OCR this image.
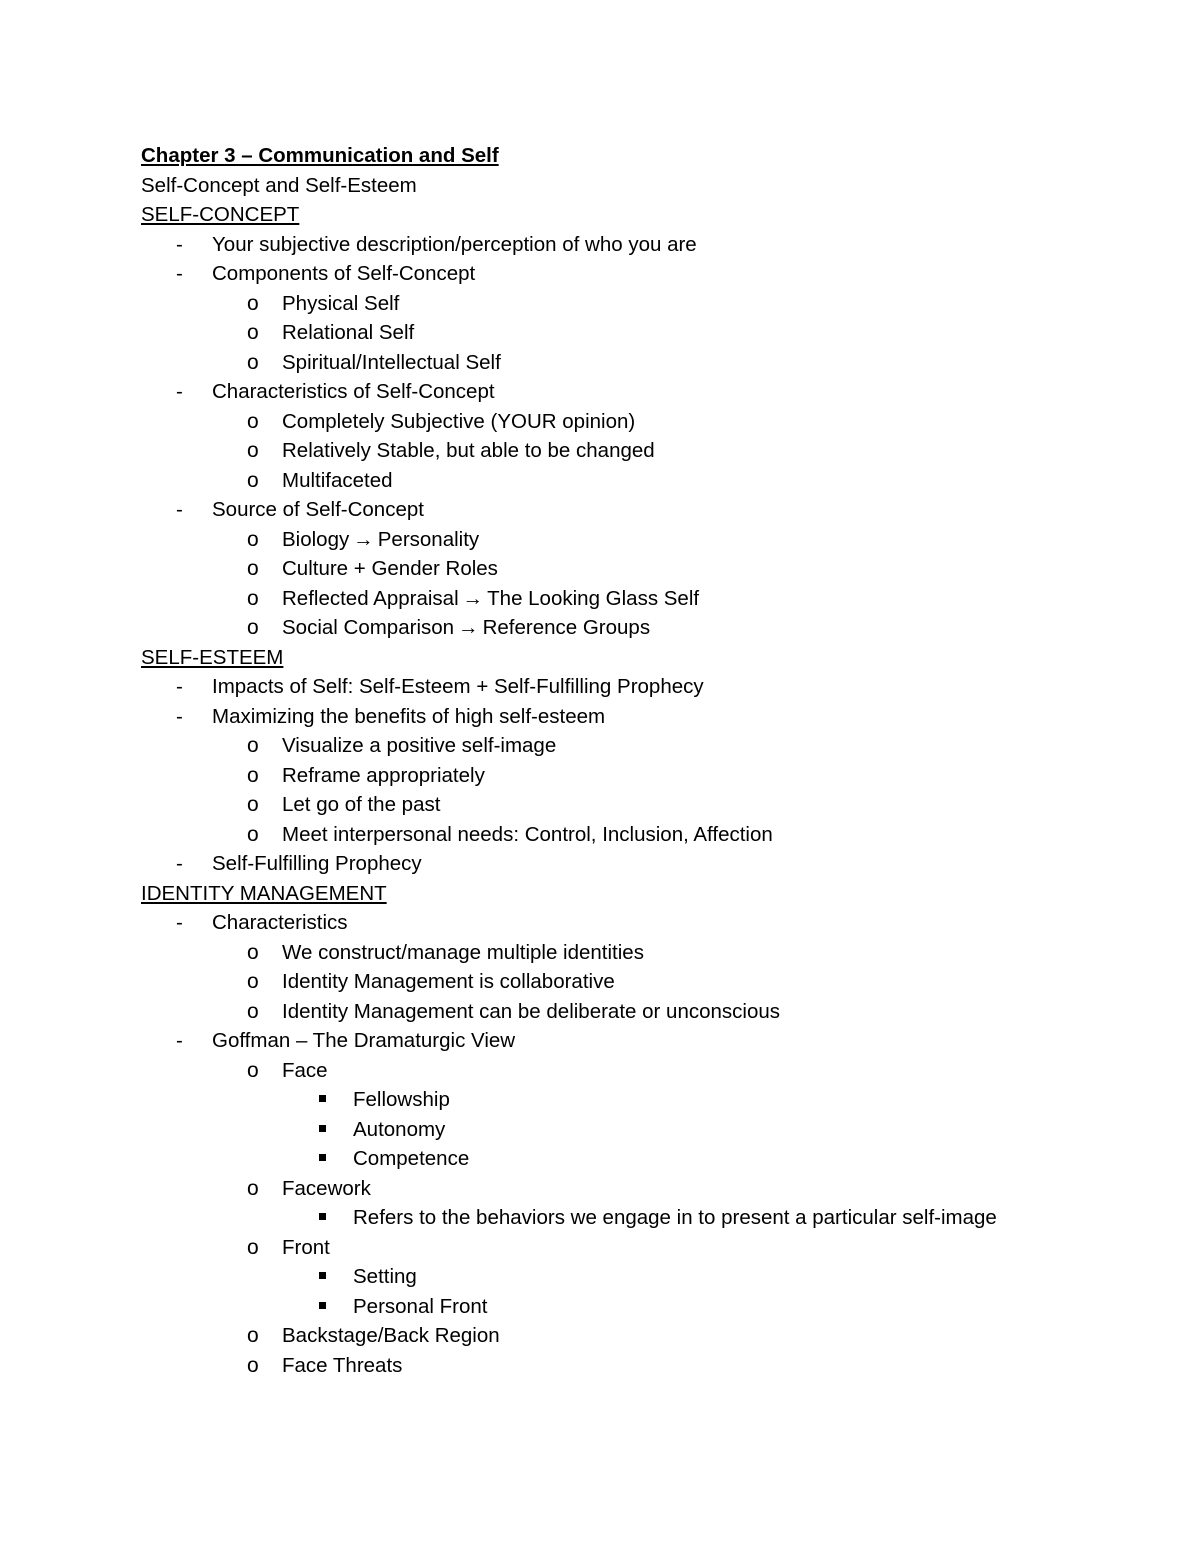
Chapter 3 – Communication and Self
Self-Concept and Self-Esteem
SELF-CONCEPT
- Your subjective description/perception of who you are
- Components of Self-Concept
o Physical Self
o Relational Self
o Spiritual/Intellectual Self
- Characteristics of Self-Concept
o Completely Subjective (YOUR opinion)
o Relatively Stable, but able to be changed
o Multifaceted
- Source of Self-Concept
o Biology → Personality
o Culture + Gender Roles
o Reflected Appraisal → The Looking Glass Self
o Social Comparison → Reference Groups
SELF-ESTEEM
- Impacts of Self: Self-Esteem + Self-Fulfilling Prophecy
- Maximizing the benefits of high self-esteem
o Visualize a positive self-image
o Reframe appropriately
o Let go of the past
o Meet interpersonal needs: Control, Inclusion, Affection
- Self-Fulfilling Prophecy
IDENTITY MANAGEMENT
- Characteristics
o We construct/manage multiple identities
o Identity Management is collaborative
o Identity Management can be deliberate or unconscious
- Goffman – The Dramaturgic View
o Face
Fellowship
Autonomy
Competence
o Facework
Refers to the behaviors we engage in to present a particular self-image
o Front
Setting
Personal Front
o Backstage/Back Region
o Face Threats
